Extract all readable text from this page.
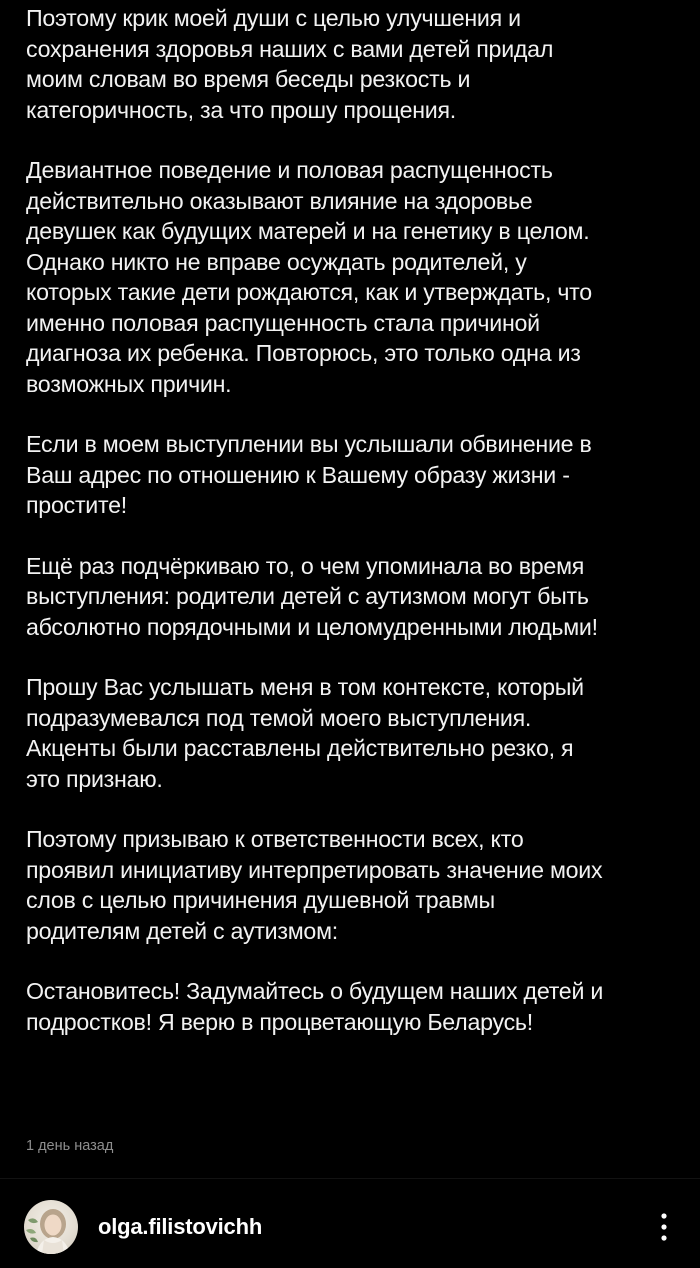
Поэтому крик моей души с целью улучшения и
сохранения здоровья наших с вами детей придал
моим словам во время беседы резкость и
категоричность, за что прошу прощения.

Девиантное поведение и половая распущенность
действительно оказывают влияние на здоровье
девушек как будущих матерей и на генетику в целом.
Однако никто не вправе осуждать родителей, у
которых такие дети рождаются, как и утверждать, что
именно половая распущенность стала причиной
диагноза их ребенка. Повторюсь, это только одна из
возможных причин.

Если в моем выступлении вы услышали обвинение в
Ваш адрес по отношению к Вашему образу жизни -
простите!

Ещё раз подчёркиваю то, о чем упоминала во время
выступления: родители детей с аутизмом могут быть
абсолютно порядочными и целомудренными людьми!

Прошу Вас услышать меня в том контексте, который
подразумевался под темой моего выступления.
Акценты были расставлены действительно резко, я
это признаю.

Поэтому призываю к ответственности всех, кто
проявил инициативу интерпретировать значение моих
слов с целью причинения душевной травмы
родителям детей с аутизмом:

Остановитесь! Задумайтесь о будущем наших детей и
подростков! Я верю в процветающую Беларусь!

1 день назад
olga.filistovichh
